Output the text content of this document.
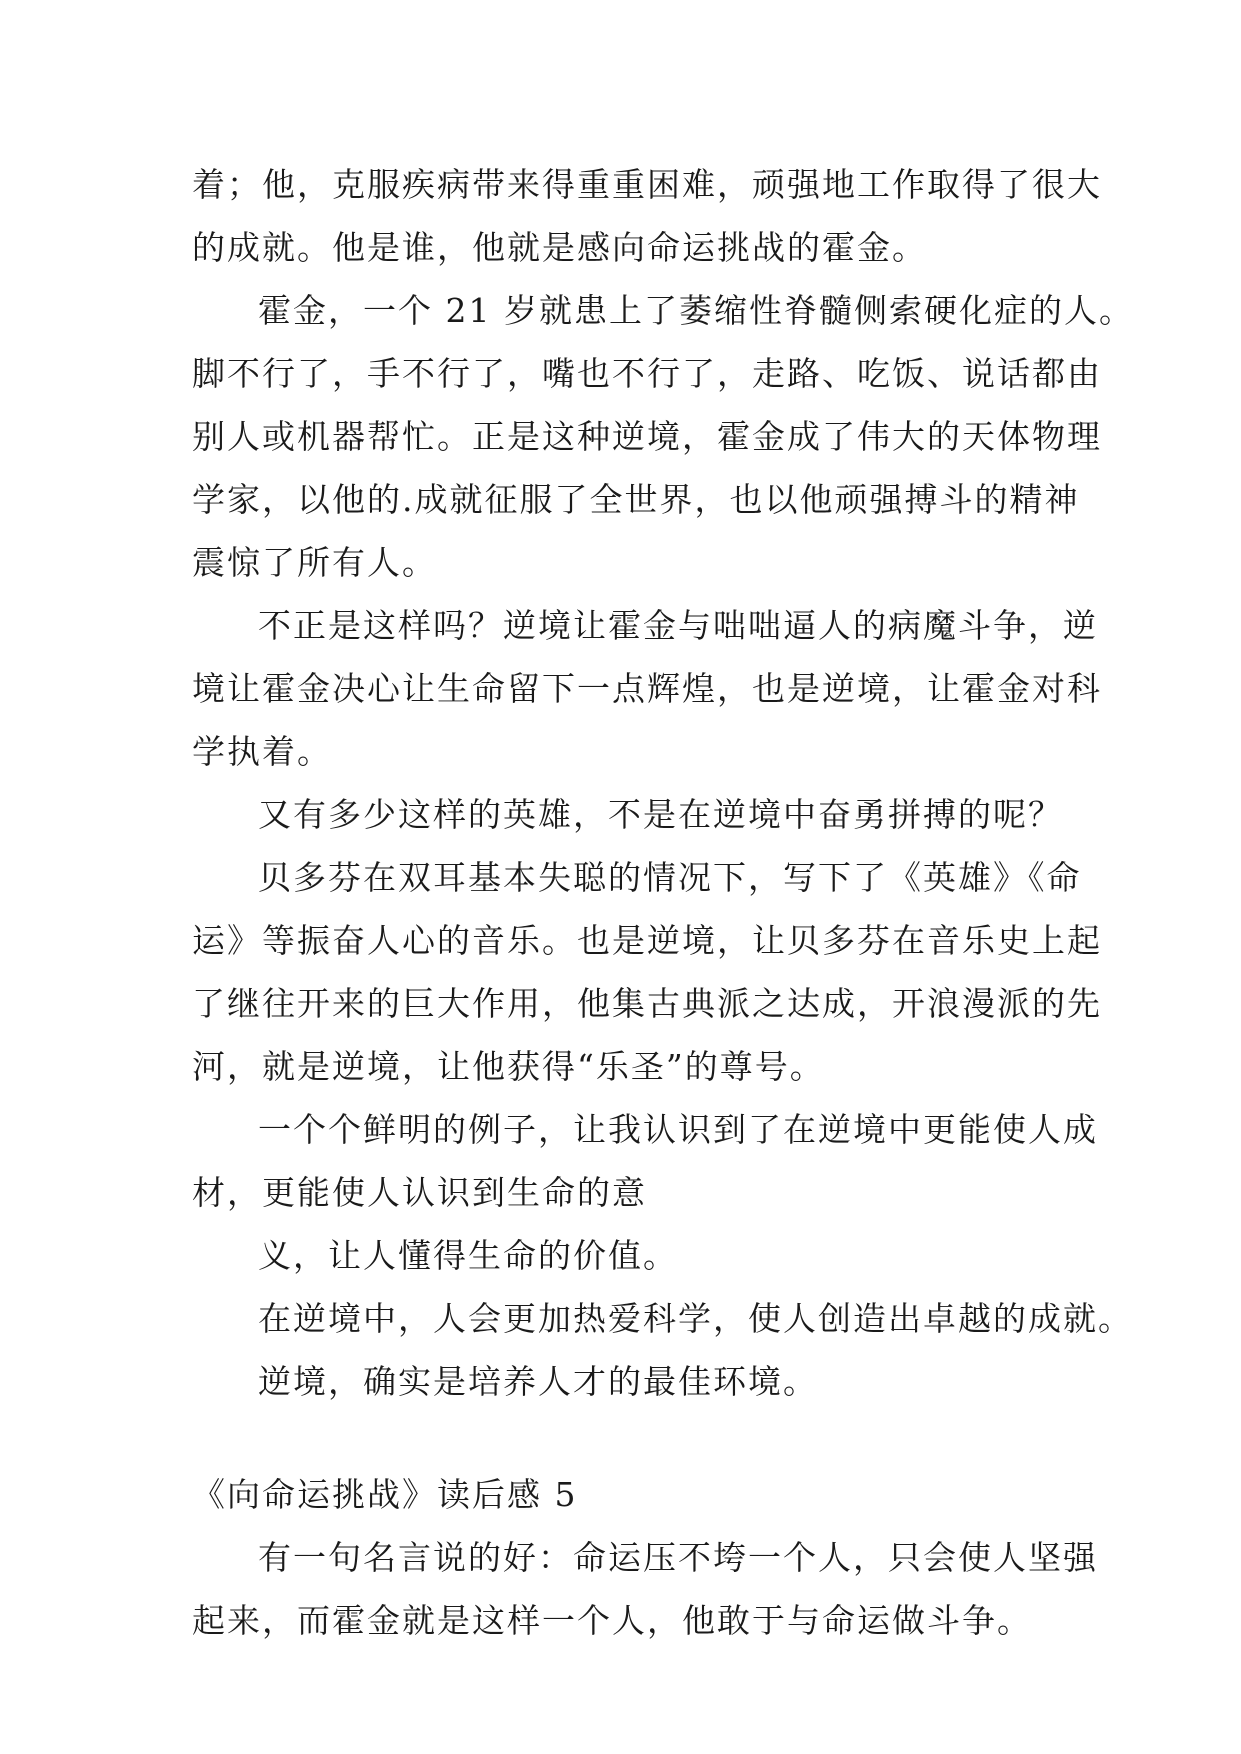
着；他，克服疾病带来得重重困难，顽强地工作取得了很大

的成就。他是谁，他就是感向命运挑战的霍金。

霍金，一个 21 岁就患上了萎缩性脊髓侧索硬化症的人。

脚不行了，手不行了，嘴也不行了，走路、吃饭、说话都由

别人或机器帮忙。正是这种逆境，霍金成了伟大的天体物理

学家，以他的.成就征服了全世界，也以他顽强搏斗的精神

震惊了所有人。

不正是这样吗？逆境让霍金与咄咄逼人的病魔斗争，逆

境让霍金决心让生命留下一点辉煌，也是逆境，让霍金对科

学执着。

又有多少这样的英雄，不是在逆境中奋勇拼搏的呢？

贝多芬在双耳基本失聪的情况下，写下了《英雄》《命

运》等振奋人心的音乐。也是逆境，让贝多芬在音乐史上起

了继往开来的巨大作用，他集古典派之达成，开浪漫派的先

河，就是逆境，让他获得“乐圣”的尊号。

一个个鲜明的例子，让我认识到了在逆境中更能使人成

材，更能使人认识到生命的意

义，让人懂得生命的价值。

在逆境中，人会更加热爱科学，使人创造出卓越的成就。

逆境，确实是培养人才的最佳环境。

《向命运挑战》读后感 5

有一句名言说的好：命运压不垮一个人，只会使人坚强

起来，而霍金就是这样一个人，他敢于与命运做斗争。
